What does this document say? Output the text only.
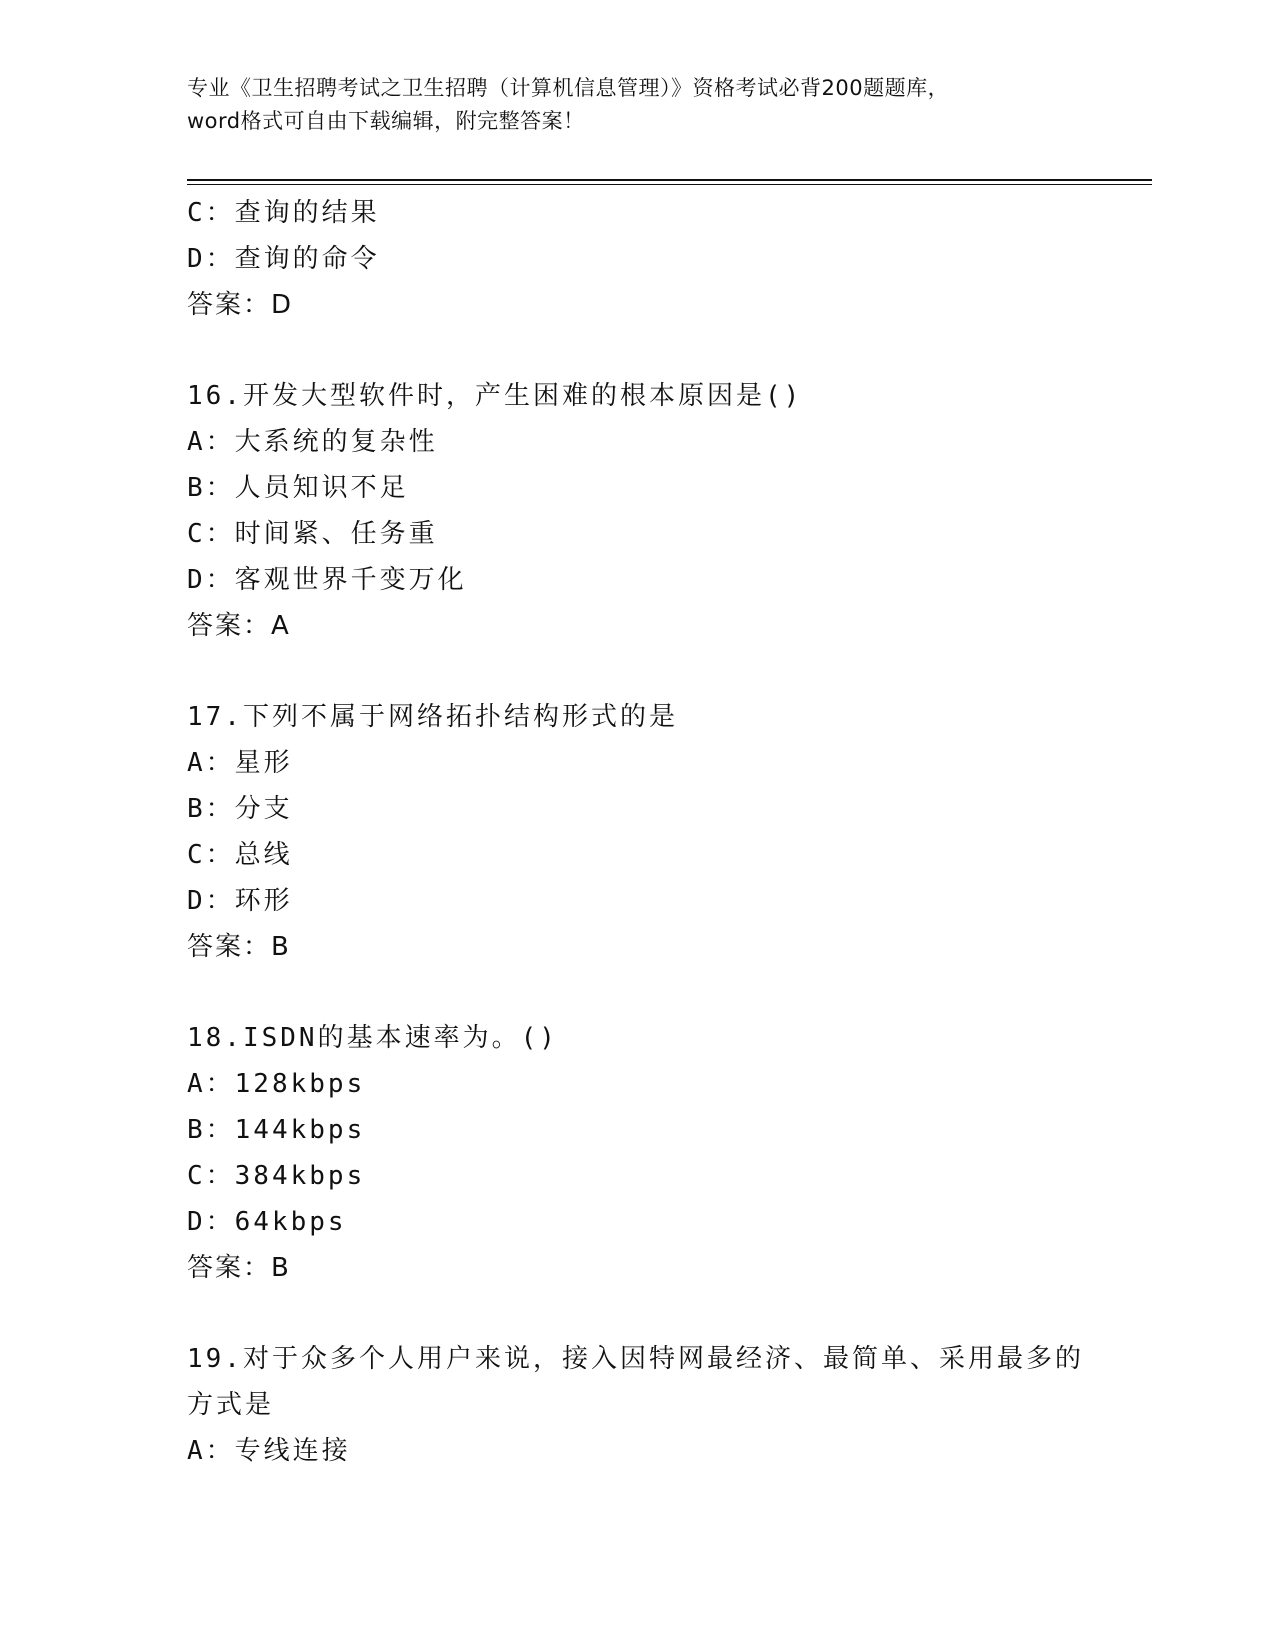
专业《卫生招聘考试之卫生招聘（计算机信息管理）》资格考试必背200题题库，
word格式可自由下载编辑，附完整答案！
C：查询的结果
D：查询的命令
答案：D
16.开发大型软件时，产生困难的根本原因是()
A：大系统的复杂性
B：人员知识不足
C：时间紧、任务重
D：客观世界千变万化
答案：A
17.下列不属于网络拓扑结构形式的是
A：星形
B：分支
C：总线
D：环形
答案：B
18.ISDN的基本速率为。()
A：128kbps
B：144kbps
C：384kbps
D：64kbps
答案：B
19.对于众多个人用户来说，接入因特网最经济、最简单、采用最多的
方式是
A：专线连接
